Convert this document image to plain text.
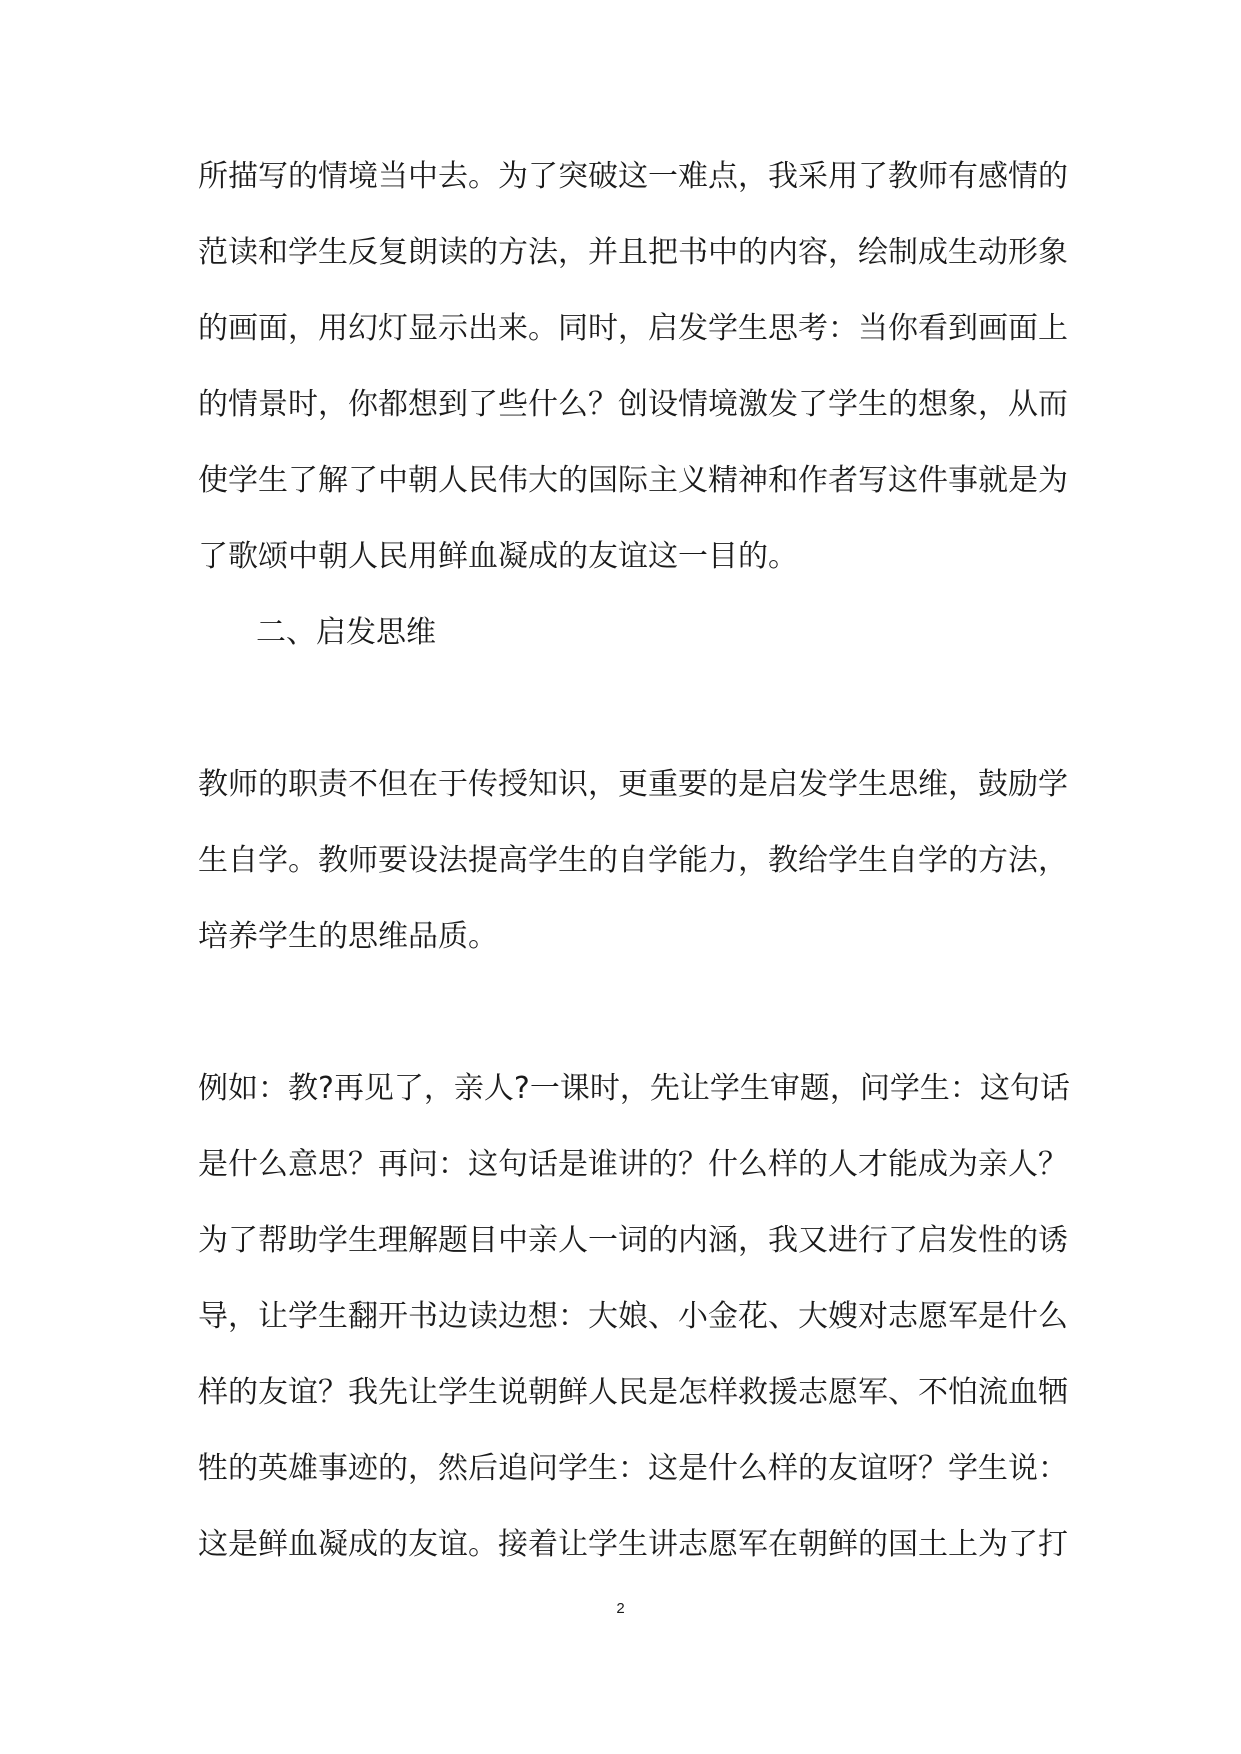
所描写的情境当中去。为了突破这一难点，我采用了教师有感情的
范读和学生反复朗读的方法，并且把书中的内容，绘制成生动形象
的画面，用幻灯显示出来。同时，启发学生思考：当你看到画面上
的情景时，你都想到了些什么？创设情境激发了学生的想象，从而
使学生了解了中朝人民伟大的国际主义精神和作者写这件事就是为
了歌颂中朝人民用鲜血凝成的友谊这一目的。
二、启发思维
教师的职责不但在于传授知识，更重要的是启发学生思维，鼓励学
生自学。教师要设法提高学生的自学能力，教给学生自学的方法，
培养学生的思维品质。
例如：教?再见了，亲人?一课时，先让学生审题，问学生：这句话
是什么意思？再问：这句话是谁讲的？什么样的人才能成为亲人？
为了帮助学生理解题目中亲人一词的内涵，我又进行了启发性的诱
导，让学生翻开书边读边想：大娘、小金花、大嫂对志愿军是什么
样的友谊？我先让学生说朝鲜人民是怎样救援志愿军、不怕流血牺
牲的英雄事迹的，然后追问学生：这是什么样的友谊呀？学生说：
这是鲜血凝成的友谊。接着让学生讲志愿军在朝鲜的国土上为了打
2
